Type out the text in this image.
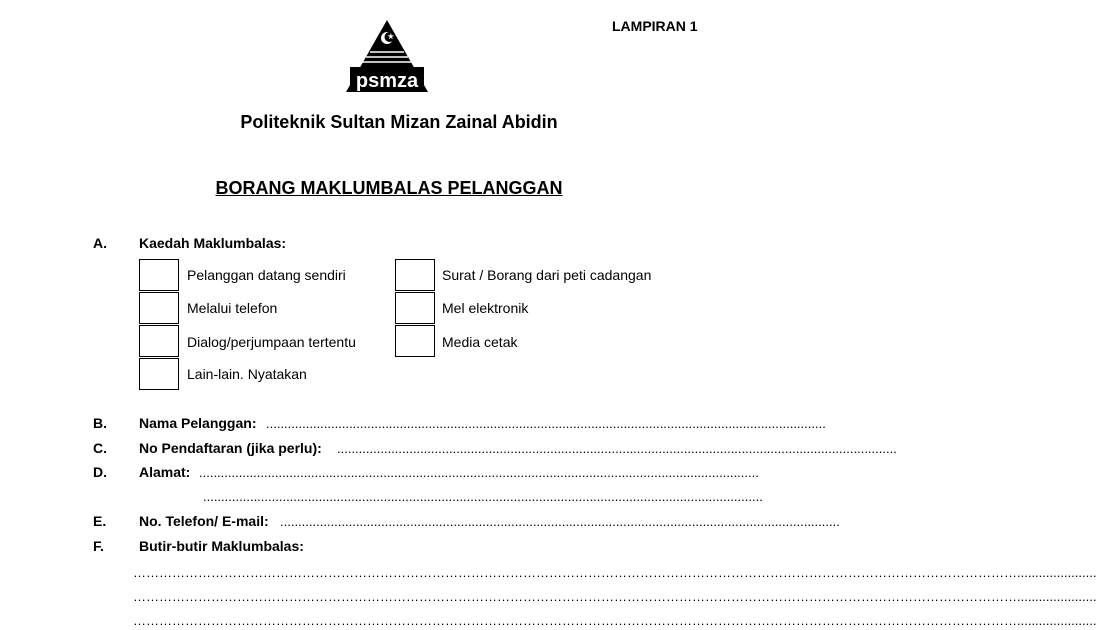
LAMPIRAN 1
psmza
Politeknik Sultan Mizan Zainal Abidin
BORANG MAKLUMBALAS PELANGGAN
A. Kaedah Maklumbalas:
Pelanggan datang sendiri
Melalui telefon
Dialog/perjumpaan tertentu
Lain-lain. Nyatakan
Surat / Borang dari peti cadangan
Mel elektronik
Media cetak
B. Nama Pelanggan: ...........................................................................................................................................................
C. No Pendaftaran (jika perlu): ...........................................................................................................................................................
D. Alamat: ...........................................................................................................................................................
...........................................................................................................................................................
E. No. Telefon/ E-mail: ...........................................................................................................................................................
F.	Butir-butir Maklumbalas:
……………………………………………………………………………………………………………………………………………………………………………………......................
……………………………………………………………………………………………………………………………………………………………………………………......................
……………………………………………………………………………………………………………………………………………………………………………………......................
